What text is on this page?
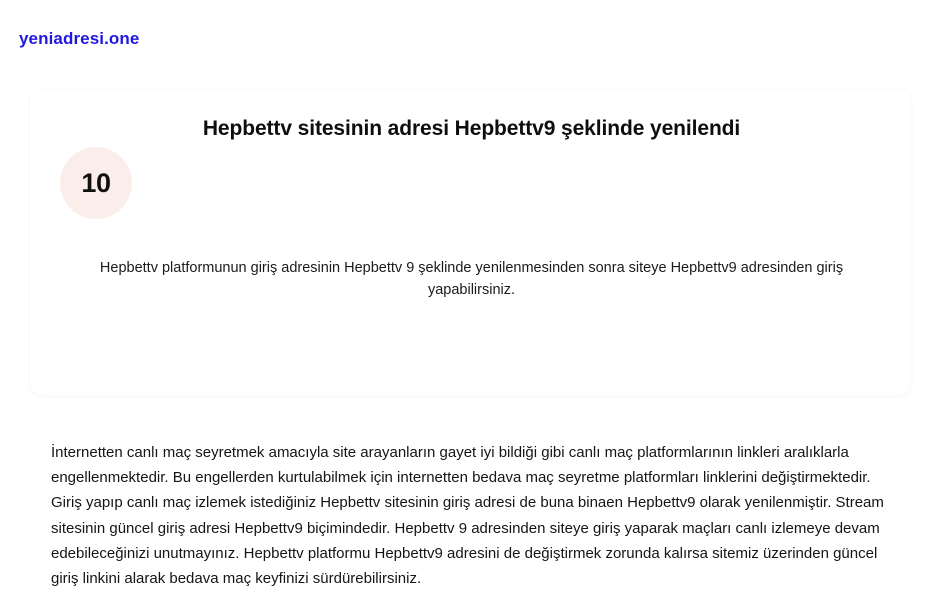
yeniadresi.one
Hepbettv sitesinin adresi Hepbettv9 şeklinde yenilendi
10

Hepbettv platformunun giriş adresinin Hepbettv 9 şeklinde yenilenmesinden sonra siteye Hepbettv9 adresinden giriş yapabilirsiniz.

İnternetten canlı maç seyretmek amacıyla site arayanların gayet iyi bildiği gibi canlı maç platformlarının linkleri aralıklarla engellenmektedir. Bu engellerden kurtulabilmek için internetten bedava maç seyretme platformları linklerini değiştirmektedir. Giriş yapıp canlı maç izlemek istediğiniz Hepbettv sitesinin giriş adresi de buna binaen Hepbettv9 olarak yenilenmiştir. Stream sitesinin güncel giriş adresi Hepbettv9 biçimindedir. Hepbettv 9 adresinden siteye giriş yaparak maçları canlı izlemeye devam edebileceğinizi unutmayınız. Hepbettv platformu Hepbettv9 adresini de değiştirmek zorunda kalırsa sitemiz üzerinden güncel giriş linkini alarak bedava maç keyfinizi sürdürebilirsiniz.
